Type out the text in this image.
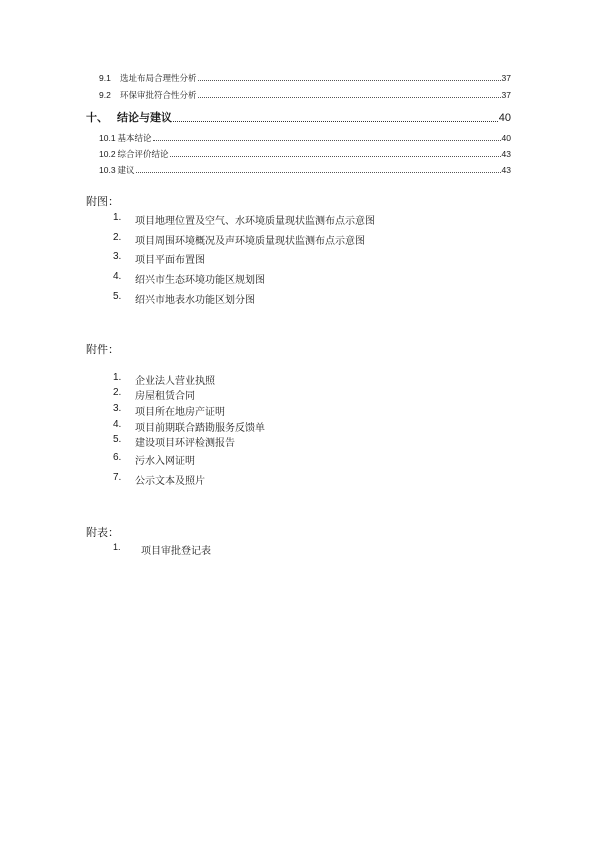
9.1	选址布局合理性分析	37
9.2	环保审批符合性分析	37
十、 结论与建议	40
10.1 基本结论	40
10.2 综合评价结论	43
10.3 建议	43
附图：
1.	项目地理位置及空气、水环境质量现状监测布点示意图
2.	项目周围环境概况及声环境质量现状监测布点示意图
3.	项目平面布置图
4.	绍兴市生态环境功能区规划图
5.	绍兴市地表水功能区划分图
附件：
1.	企业法人营业执照
2.	房屋租赁合同
3.	项目所在地房产证明
4.	项目前期联合踏勘服务反馈单
5.	建设项目环评检测报告
6.	污水入网证明
7.	公示文本及照片
附表：
1.	项目审批登记表
